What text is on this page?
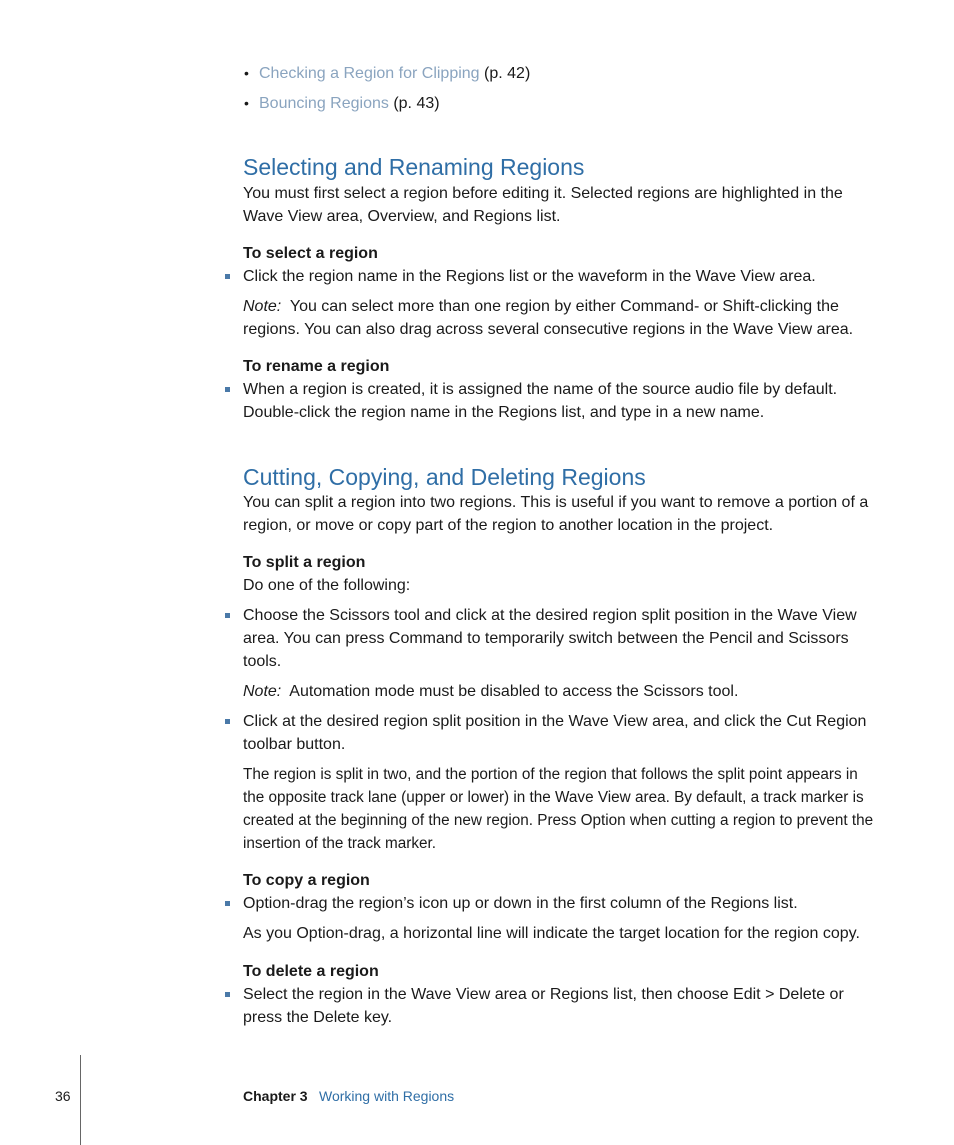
• Checking a Region for Clipping (p. 42)
• Bouncing Regions (p. 43)
Selecting and Renaming Regions
You must first select a region before editing it. Selected regions are highlighted in the Wave View area, Overview, and Regions list.
To select a region
Click the region name in the Regions list or the waveform in the Wave View area.
Note: You can select more than one region by either Command- or Shift-clicking the regions. You can also drag across several consecutive regions in the Wave View area.
To rename a region
When a region is created, it is assigned the name of the source audio file by default. Double-click the region name in the Regions list, and type in a new name.
Cutting, Copying, and Deleting Regions
You can split a region into two regions. This is useful if you want to remove a portion of a region, or move or copy part of the region to another location in the project.
To split a region
Do one of the following:
Choose the Scissors tool and click at the desired region split position in the Wave View area. You can press Command to temporarily switch between the Pencil and Scissors tools.
Note: Automation mode must be disabled to access the Scissors tool.
Click at the desired region split position in the Wave View area, and click the Cut Region toolbar button.
The region is split in two, and the portion of the region that follows the split point appears in the opposite track lane (upper or lower) in the Wave View area. By default, a track marker is created at the beginning of the new region. Press Option when cutting a region to prevent the insertion of the track marker.
To copy a region
Option-drag the region’s icon up or down in the first column of the Regions list.
As you Option-drag, a horizontal line will indicate the target location for the region copy.
To delete a region
Select the region in the Wave View area or Regions list, then choose Edit > Delete or press the Delete key.
36	Chapter 3 Working with Regions
